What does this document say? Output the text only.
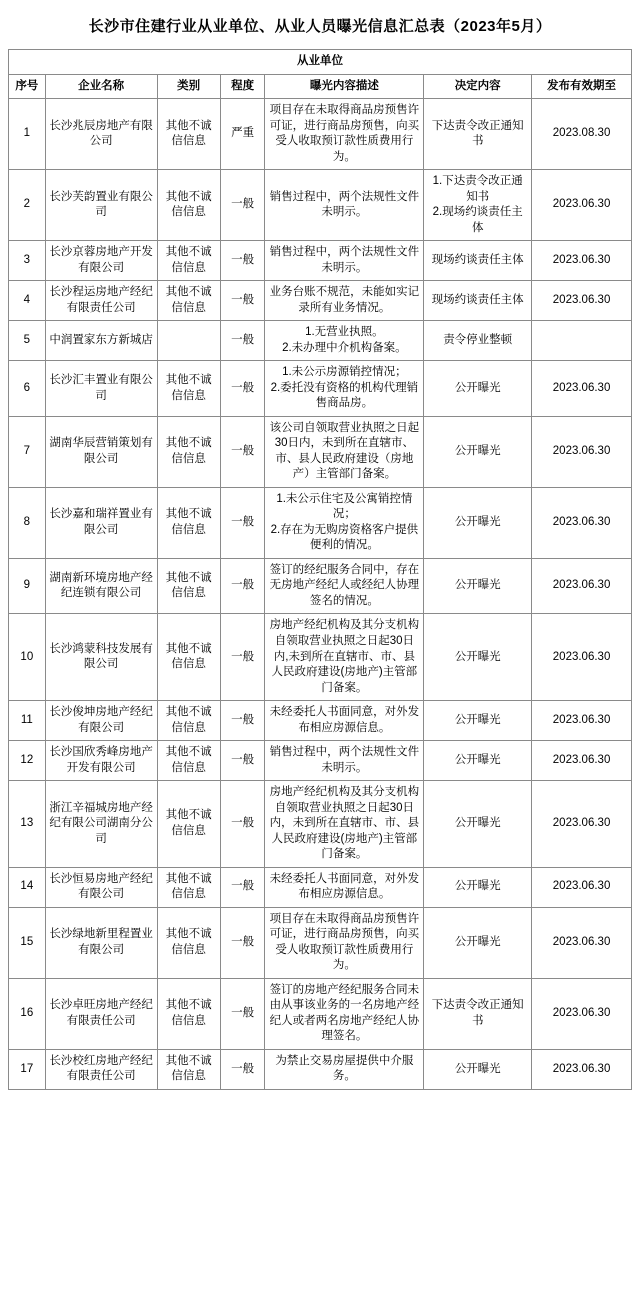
长沙市住建行业从业单位、从业人员曝光信息汇总表（2023年5月）
从业单位						
序号	企业名称	类别	程度	曝光内容描述	决定内容	发布有效期至
1	长沙兆辰房地产有限公司	其他不诚信信息	严重	项目存在未取得商品房预售许可证，进行商品房预售，向买受人收取预订款性质费用行为。	下达责令改正通知书	2023.08.30
2	长沙芙韵置业有限公司	其他不诚信信息	一般	销售过程中，两个法规性文件未明示。	1.下达责令改正通知书
2.现场约谈责任主体	2023.06.30
3	长沙京蓉房地产开发有限公司	其他不诚信信息	一般	销售过程中，两个法规性文件未明示。	现场约谈责任主体	2023.06.30
4	长沙程运房地产经纪有限责任公司	其他不诚信信息	一般	业务台账不规范，未能如实记录所有业务情况。	现场约谈责任主体	2023.06.30
5	中润置家东方新城店		一般	1.无营业执照。
2.未办理中介机构备案。	责令停业整顿	
6	长沙汇丰置业有限公司	其他不诚信信息	一般	1.未公示房源销控情况；
2.委托没有资格的机构代理销售商品房。	公开曝光	2023.06.30
7	湖南华辰营销策划有限公司	其他不诚信信息	一般	该公司自领取营业执照之日起30日内，未到所在直辖市、市、县人民政府建设（房地产）主管部门备案。	公开曝光	2023.06.30
8	长沙嘉和瑞祥置业有限公司	其他不诚信信息	一般	1.未公示住宅及公寓销控情况；
2.存在为无购房资格客户提供便利的情况。	公开曝光	2023.06.30
9	湖南新环境房地产经纪连锁有限公司	其他不诚信信息	一般	签订的经纪服务合同中，存在无房地产经纪人或经纪人协理签名的情况。	公开曝光	2023.06.30
10	长沙鸿蒙科技发展有限公司	其他不诚信信息	一般	房地产经纪机构及其分支机构自领取营业执照之日起30日内,未到所在直辖市、市、县人民政府建设(房地产)主管部门备案。	公开曝光	2023.06.30
11	长沙俊坤房地产经纪有限公司	其他不诚信信息	一般	未经委托人书面同意，对外发布相应房源信息。	公开曝光	2023.06.30
12	长沙国欣秀峰房地产开发有限公司	其他不诚信信息	一般	销售过程中，两个法规性文件未明示。	公开曝光	2023.06.30
13	浙江辛福城房地产经纪有限公司湖南分公司	其他不诚信信息	一般	房地产经纪机构及其分支机构自领取营业执照之日起30日内，未到所在直辖市、市、县人民政府建设(房地产)主管部门备案。	公开曝光	2023.06.30
14	长沙恒易房地产经纪有限公司	其他不诚信信息	一般	未经委托人书面同意，对外发布相应房源信息。	公开曝光	2023.06.30
15	长沙绿地新里程置业有限公司	其他不诚信信息	一般	项目存在未取得商品房预售许可证，进行商品房预售，向买受人收取预订款性质费用行为。	公开曝光	2023.06.30
16	长沙卓旺房地产经纪有限责任公司	其他不诚信信息	一般	签订的房地产经纪服务合同未由从事该业务的一名房地产经纪人或者两名房地产经纪人协理签名。	下达责令改正通知书	2023.06.30
17	长沙校红房地产经纪有限责任公司	其他不诚信信息	一般	为禁止交易房屋提供中介服务。	公开曝光	2023.06.30
